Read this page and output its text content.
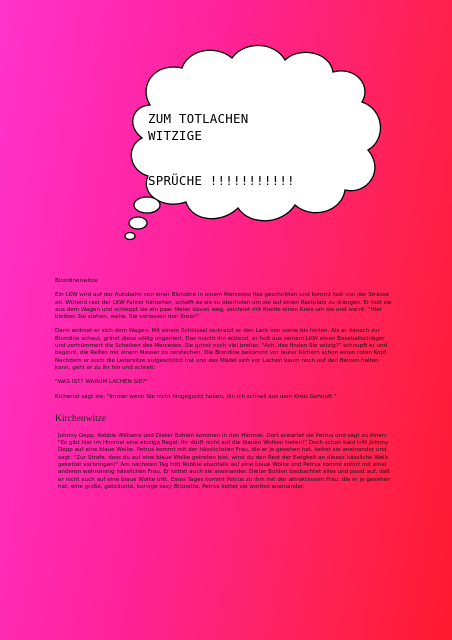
ZUM TOTLACHEN
WITZIGE
SPRÜCHE !!!!!!!!!!!

Blondinenwitze

Ein LKW wird auf der Autobahn von einer Blondine in einem Mercedes fies geschnitten und kommt fast von der Strasse ab. Wütend rast der LKW-Fahrer hinterher, schafft es sie zu überholen um sie auf einen Rastplatz zu drängen. Er holt sie aus dem Wagen und schleppt sie ein paar Meter davon weg, zeichnet mit Kreide einen Kreis um sie und warnt: "Hier bleiben Sie stehen, wehe, Sie verlassen den Kreis!"

Dann widmet er sich dem Wagen: Mit einem Schlüssel zerkratzt er den Lack von vorne bis hinten. Als er danach zur Blondine schaut, grinst diese völlig ungeniert. Das macht ihn wütend, er holt aus seinem LKW einen Baseballschläger und zertrümmert die Scheiben des Mercedes. Sie grinst noch viel breiter. "Ach, das finden Sie witzig?" schnupft er und beginnt, die Reifen mit einem Messer zu zerstechen. Die Blondine bekommt vor lauter Kichern schon einen roten Kopf. Nachdem er auch die Ledersitze aufgeschlitzt hat und das Mädel sich vor Lachen kaum noch auf den Beinen halten kann, geht er zu ihr hin und schreit:

"WAS IST? WARUM LACHEN SIE?"

Kichernd sagt sie: "Immer wenn Sie nicht hingeguckt haben, bin ich schnell aus dem Kreis Gehüpft."

Kirchenwitze

Johnny Depp, Robbie Williams und Dieter Bohlen kommen in den Himmel. Dort erwartet sie Petrus und sagt zu ihnen: "Es gibt hier im Himmel eine einzige Regel: Ihr dürft nicht auf die blauen Wolken treten!" Doch schon bald tritt Johnny Depp auf eine blaue Wolke. Petrus kommt mit der hässlichsten Frau, die er je gesehen hat, kettet sie aneinander und sagt: "Zur Strafe, dass du auf eine blaue Wolke getreten bist, wirst du den Rest der Ewigkeit an dieses hässliche Weib gekettet verbringen!" Am nächsten Tag tritt Robbie ebenfalls auf eine blaue Wolke und Petrus kommt sofort mit einer anderen wahnsinnig hässlichen Frau. Er kettet auch sie aneinander. Dieter Bohlen beobachtet alles und passt auf, daß er nicht auch auf eine blaue Wolke tritt. Eines Tages kommt Petrus zu ihm mit der attraktivsten Frau, die er je gesehen hat: eine große, gebräunte, kurvige sexy Brünette. Petrus kettet sie wortlos aneinander.
